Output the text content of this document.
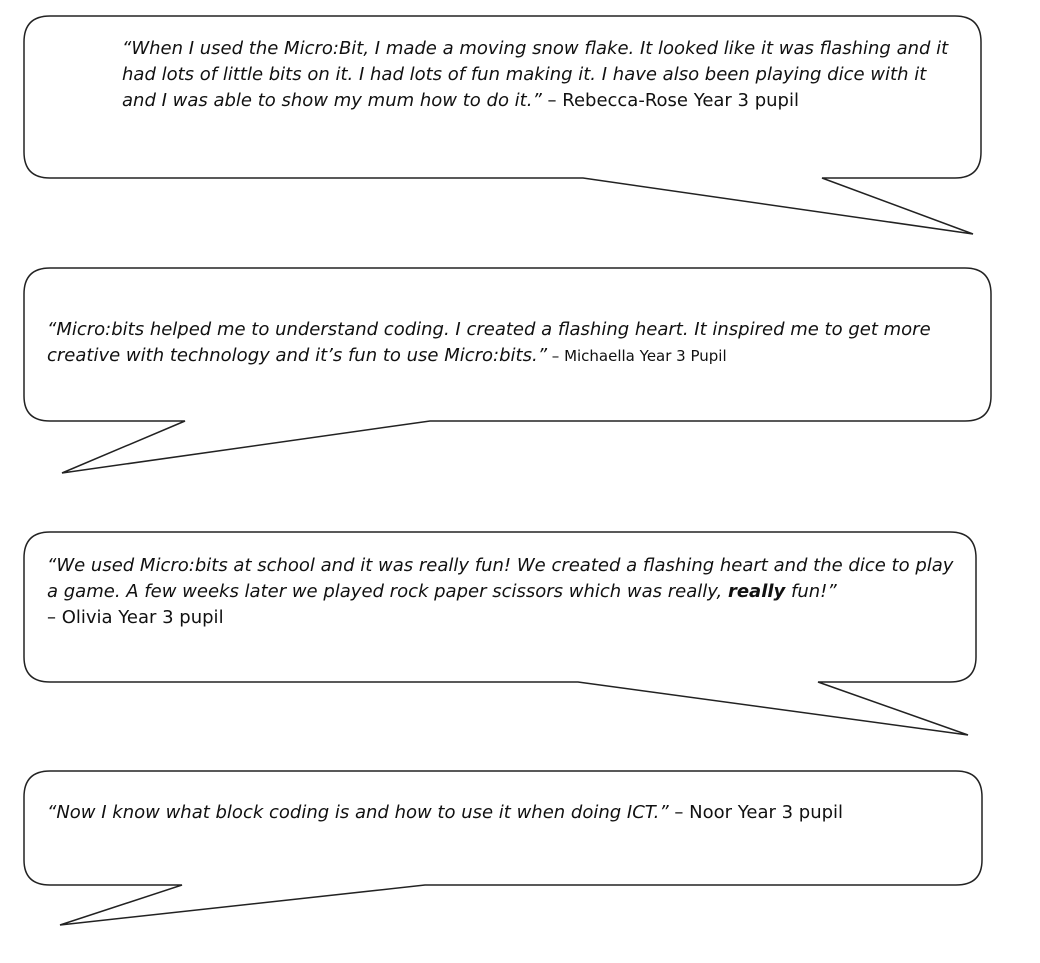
“When I used the Micro:Bit, I made a moving snow flake. It looked like it was flashing and it had lots of little bits on it. I had lots of fun making it. I have also been playing dice with it and I was able to show my mum how to do it.” – Rebecca-Rose Year 3 pupil

“Micro:bits helped me to understand coding. I created a flashing heart. It inspired me to get more creative with technology and it’s fun to use Micro:bits.” – Michaella Year 3 Pupil

“We used Micro:bits at school and it was really fun! We created a flashing heart and the dice to play a game. A few weeks later we played rock paper scissors which was really, really fun!”
– Olivia Year 3 pupil

“Now I know what block coding is and how to use it when doing ICT.” – Noor Year 3 pupil
